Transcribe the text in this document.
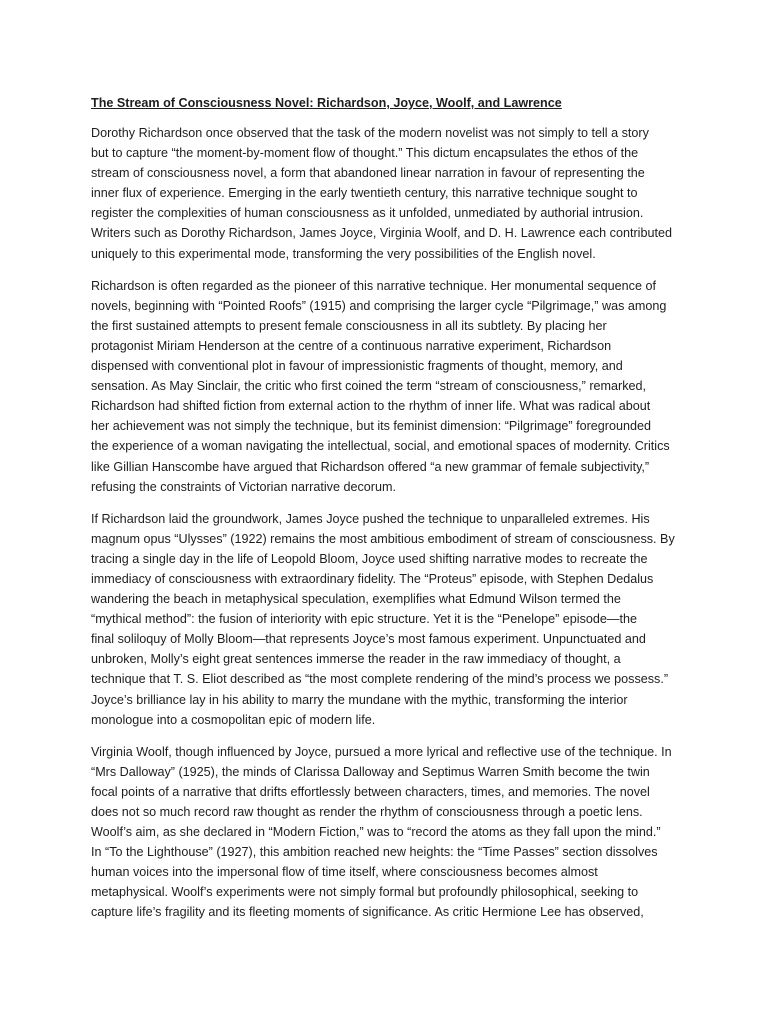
The Stream of Consciousness Novel: Richardson, Joyce, Woolf, and Lawrence
Dorothy Richardson once observed that the task of the modern novelist was not simply to tell a story
but to capture “the moment-by-moment flow of thought.” This dictum encapsulates the ethos of the
stream of consciousness novel, a form that abandoned linear narration in favour of representing the
inner flux of experience. Emerging in the early twentieth century, this narrative technique sought to
register the complexities of human consciousness as it unfolded, unmediated by authorial intrusion.
Writers such as Dorothy Richardson, James Joyce, Virginia Woolf, and D. H. Lawrence each contributed
uniquely to this experimental mode, transforming the very possibilities of the English novel.
Richardson is often regarded as the pioneer of this narrative technique. Her monumental sequence of
novels, beginning with “Pointed Roofs” (1915) and comprising the larger cycle “Pilgrimage,” was among
the first sustained attempts to present female consciousness in all its subtlety. By placing her
protagonist Miriam Henderson at the centre of a continuous narrative experiment, Richardson
dispensed with conventional plot in favour of impressionistic fragments of thought, memory, and
sensation. As May Sinclair, the critic who first coined the term “stream of consciousness,” remarked,
Richardson had shifted fiction from external action to the rhythm of inner life. What was radical about
her achievement was not simply the technique, but its feminist dimension: “Pilgrimage” foregrounded
the experience of a woman navigating the intellectual, social, and emotional spaces of modernity. Critics
like Gillian Hanscombe have argued that Richardson offered “a new grammar of female subjectivity,”
refusing the constraints of Victorian narrative decorum.
If Richardson laid the groundwork, James Joyce pushed the technique to unparalleled extremes. His
magnum opus “Ulysses” (1922) remains the most ambitious embodiment of stream of consciousness. By
tracing a single day in the life of Leopold Bloom, Joyce used shifting narrative modes to recreate the
immediacy of consciousness with extraordinary fidelity. The “Proteus” episode, with Stephen Dedalus
wandering the beach in metaphysical speculation, exemplifies what Edmund Wilson termed the
“mythical method”: the fusion of interiority with epic structure. Yet it is the “Penelope” episode—the
final soliloquy of Molly Bloom—that represents Joyce’s most famous experiment. Unpunctuated and
unbroken, Molly’s eight great sentences immerse the reader in the raw immediacy of thought, a
technique that T. S. Eliot described as “the most complete rendering of the mind’s process we possess.”
Joyce’s brilliance lay in his ability to marry the mundane with the mythic, transforming the interior
monologue into a cosmopolitan epic of modern life.
Virginia Woolf, though influenced by Joyce, pursued a more lyrical and reflective use of the technique. In
“Mrs Dalloway” (1925), the minds of Clarissa Dalloway and Septimus Warren Smith become the twin
focal points of a narrative that drifts effortlessly between characters, times, and memories. The novel
does not so much record raw thought as render the rhythm of consciousness through a poetic lens.
Woolf’s aim, as she declared in “Modern Fiction,” was to “record the atoms as they fall upon the mind.”
In “To the Lighthouse” (1927), this ambition reached new heights: the “Time Passes” section dissolves
human voices into the impersonal flow of time itself, where consciousness becomes almost
metaphysical. Woolf’s experiments were not simply formal but profoundly philosophical, seeking to
capture life’s fragility and its fleeting moments of significance. As critic Hermione Lee has observed,
